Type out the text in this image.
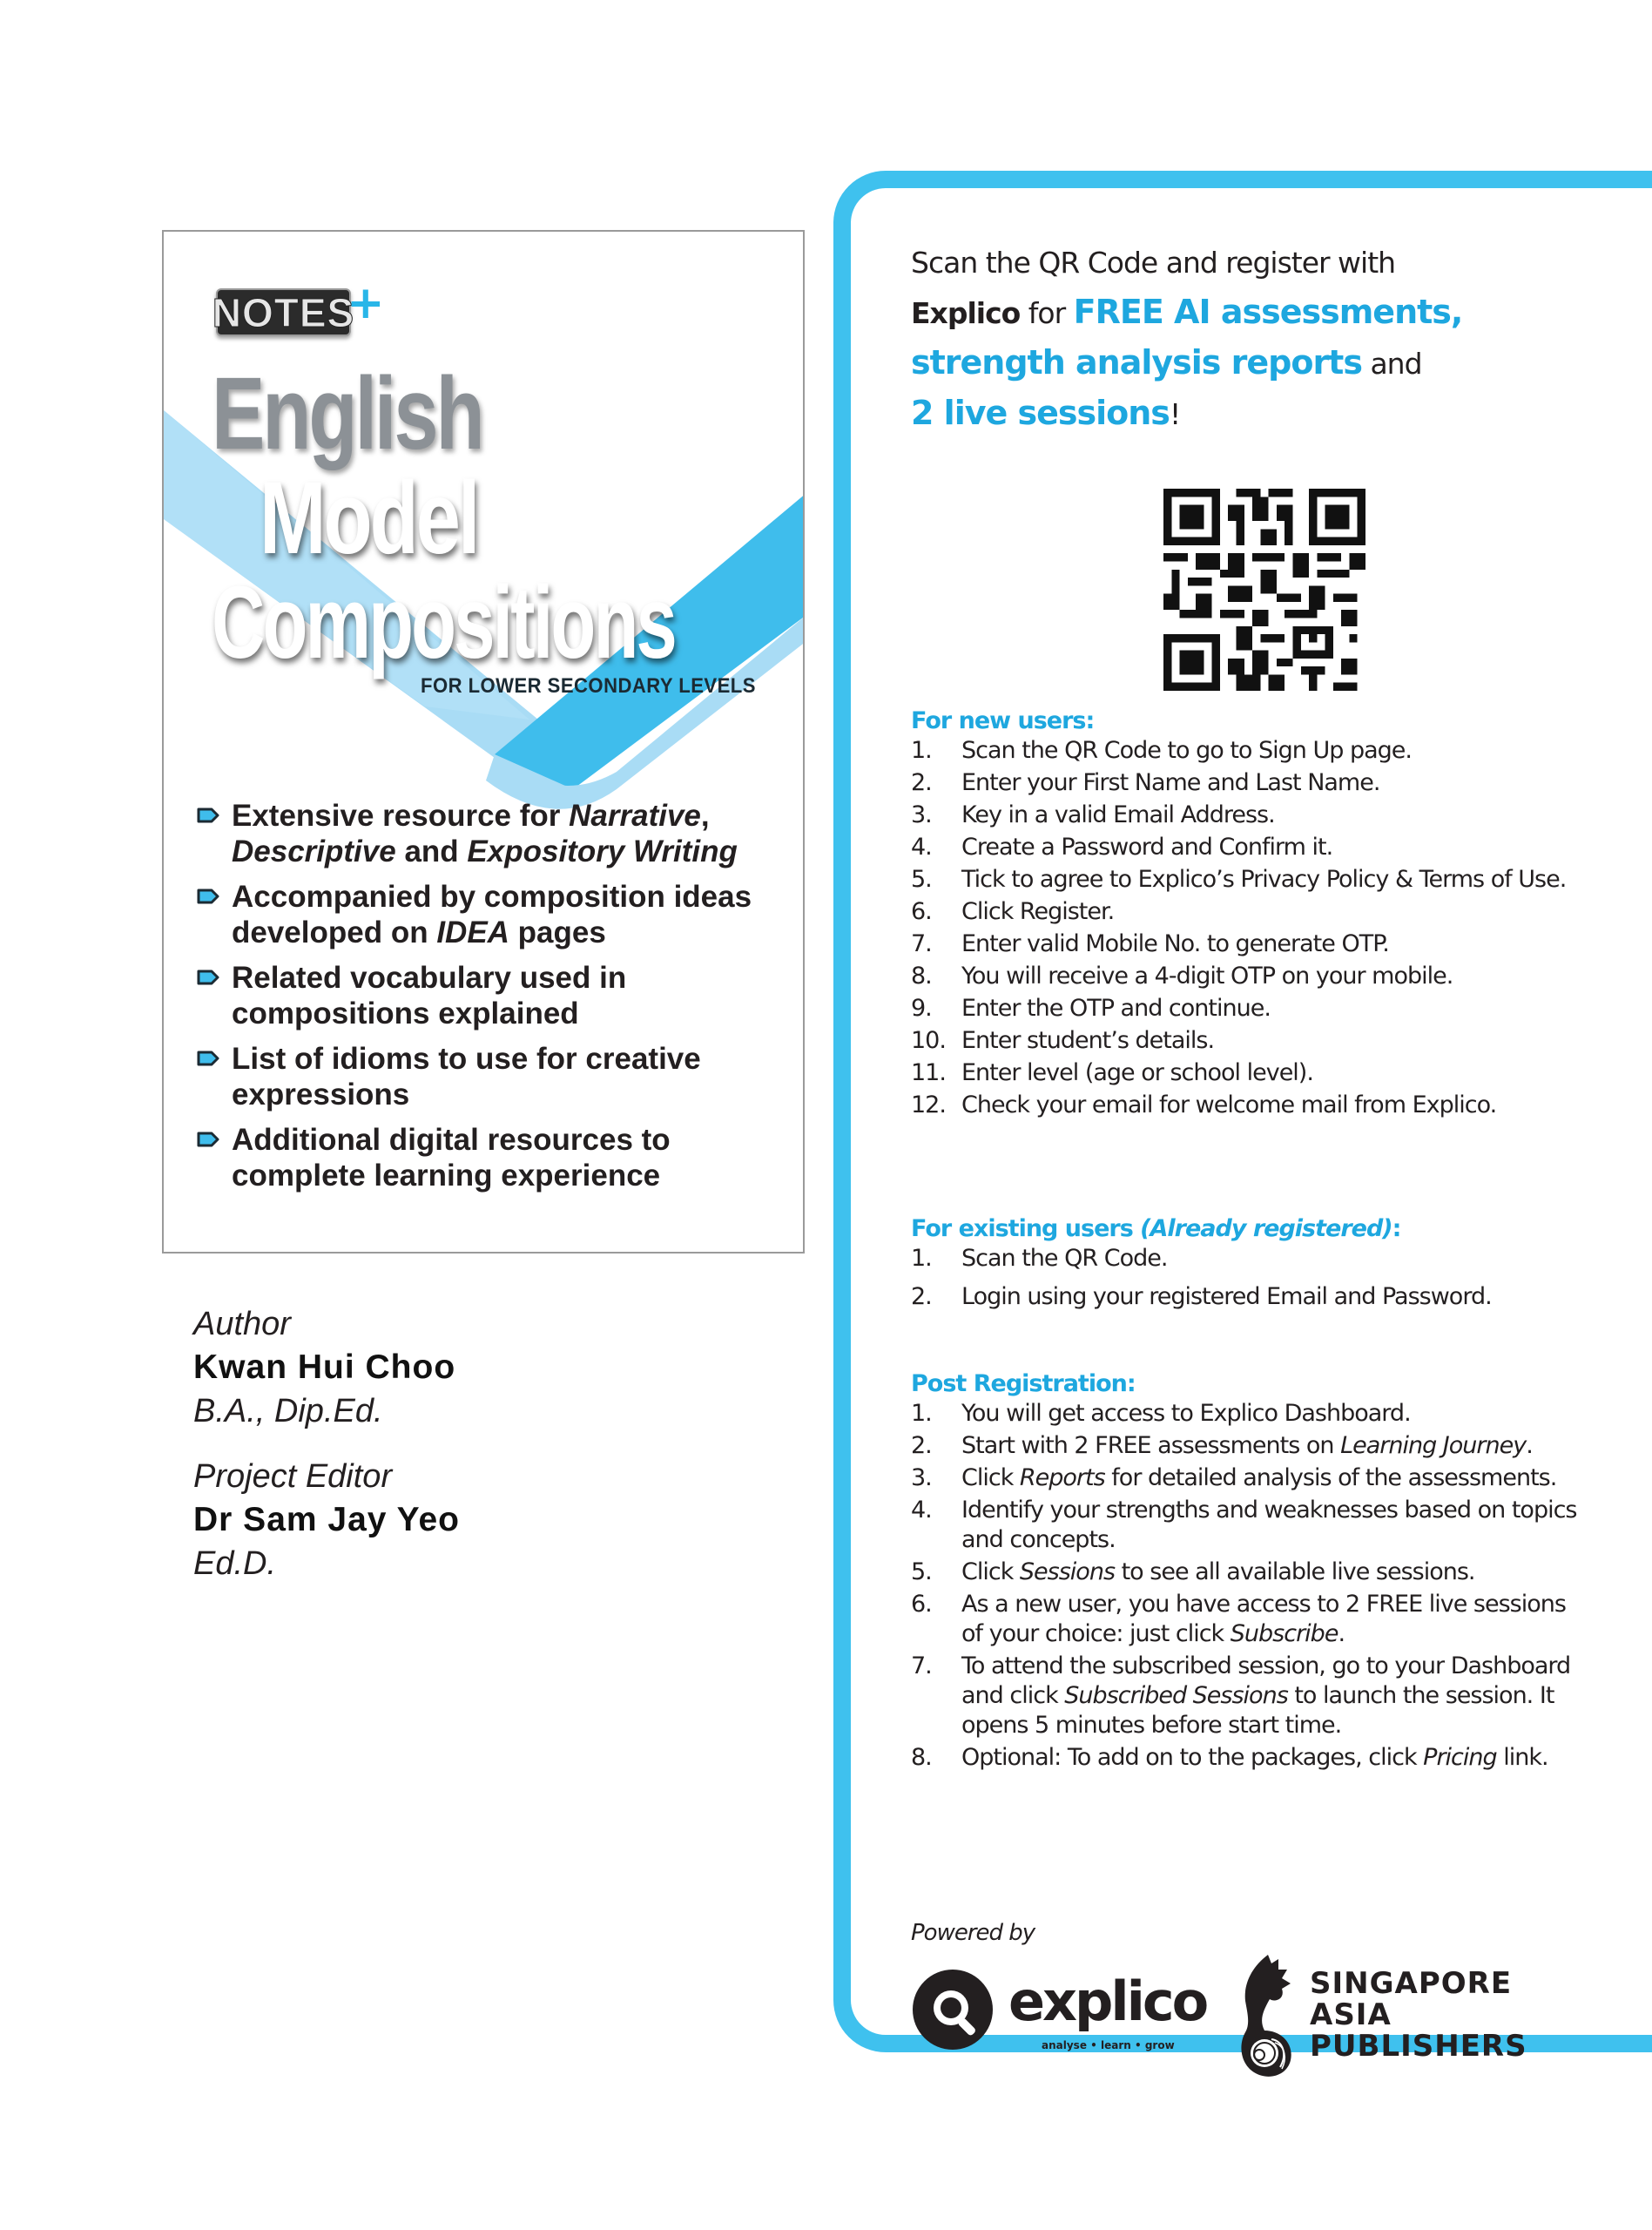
NOTES
+
English
Model
Compositions
FOR LOWER SECONDARY LEVELS
Extensive resource for Narrative, Descriptive and Expository Writing
Accompanied by composition ideas developed on IDEA pages
Related vocabulary used in compositions explained
List of idioms to use for creative expressions
Additional digital resources to complete learning experience
Author
Kwan Hui Choo
B.A., Dip.Ed.
Project Editor
Dr Sam Jay Yeo
Ed.D.
Scan the QR Code and register with
Explico for FREE AI assessments,
strength analysis reports and
2 live sessions!
For new users:
1.	Scan the QR Code to go to Sign Up page.
2.	Enter your First Name and Last Name.
3.	Key in a valid Email Address.
4.	Create a Password and Confirm it.
5.	Tick to agree to Explico’s Privacy Policy & Terms of Use.
6.	Click Register.
7.	Enter valid Mobile No. to generate OTP.
8.	You will receive a 4-digit OTP on your mobile.
9.	Enter the OTP and continue.
10. Enter student’s details.
11. Enter level (age or school level).
12. Check your email for welcome mail from Explico.
For existing users (Already registered):
1.	Scan the QR Code.
2.	Login using your registered Email and Password.
Post Registration:
1.	You will get access to Explico Dashboard.
2.	Start with 2 FREE assessments on Learning Journey.
3.	Click Reports for detailed analysis of the assessments.
4.	Identify your strengths and weaknesses based on topics and concepts.
5.	Click Sessions to see all available live sessions.
6.	As a new user, you have access to 2 FREE live sessions of your choice: just click Subscribe.
7.	To attend the subscribed session, go to your Dashboard and click Subscribed Sessions to launch the session. It opens 5 minutes before start time.
8.	Optional: To add on to the packages, click Pricing link.
Powered by
explico
analyse • learn • grow
SINGAPORE
ASIA
PUBLISHERS
